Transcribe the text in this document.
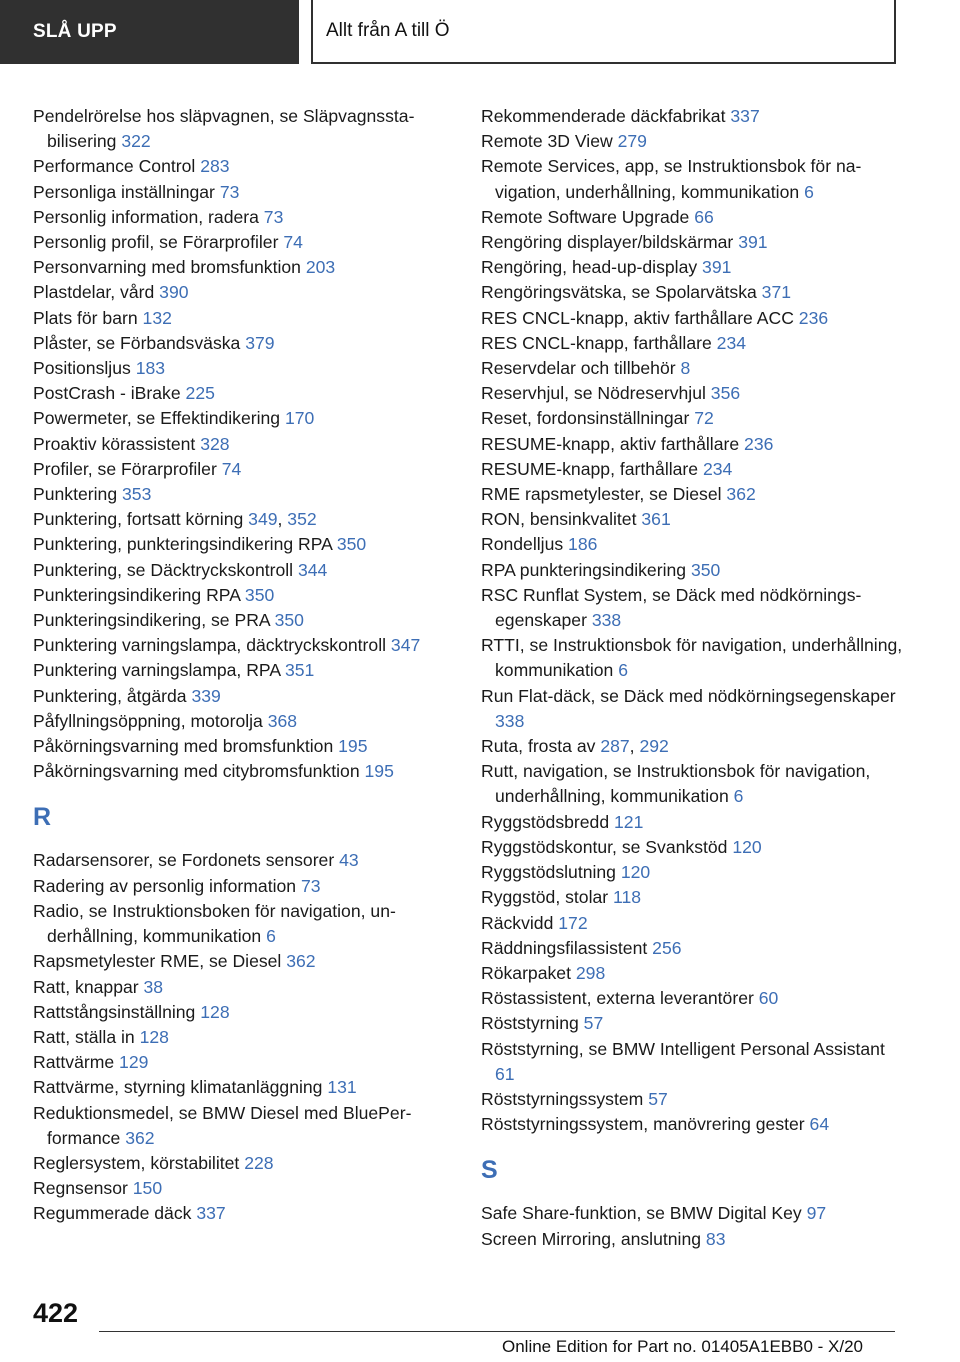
SLÅ UPP	Allt från A till Ö
Pendelrörelse hos släpvagnen, se Släpvagnsstabilisering 322
Performance Control 283
Personliga inställningar 73
Personlig information, radera 73
Personlig profil, se Förarprofiler 74
Personvarning med bromsfunktion 203
Plastdelar, vård 390
Plats för barn 132
Plåster, se Förbandsväska 379
Positionsljus 183
PostCrash - iBrake 225
Powermeter, se Effektindikering 170
Proaktiv körassistent 328
Profiler, se Förarprofiler 74
Punktering 353
Punktering, fortsatt körning 349, 352
Punktering, punkteringsindikering RPA 350
Punktering, se Däcktryckskontroll 344
Punkteringsindikering RPA 350
Punkteringsindikering, se PRA 350
Punktering varningslampa, däcktryckskontroll 347
Punktering varningslampa, RPA 351
Punktering, åtgärda 339
Påfyllningsöppning, motorolja 368
Påkörningsvarning med bromsfunktion 195
Påkörningsvarning med citybromsfunktion 195
R
Radarsensorer, se Fordonets sensorer 43
Radering av personlig information 73
Radio, se Instruktionsboken för navigation, underhållning, kommunikation 6
Rapsmetylester RME, se Diesel 362
Ratt, knappar 38
Rattstångsinställning 128
Ratt, ställa in 128
Rattvärme 129
Rattvärme, styrning klimatanläggning 131
Reduktionsmedel, se BMW Diesel med BluePerformance 362
Reglersystem, körstabilitet 228
Regnsensor 150
Regummerade däck 337
Rekommenderade däckfabrikat 337
Remote 3D View 279
Remote Services, app, se Instruktionsbok för navigation, underhållning, kommunikation 6
Remote Software Upgrade 66
Rengöring displayer/bildskärmar 391
Rengöring, head-up-display 391
Rengöringsvätska, se Spolarvätska 371
RES CNCL-knapp, aktiv farthållare ACC 236
RES CNCL-knapp, farthållare 234
Reservdelar och tillbehör 8
Reservhjul, se Nödreservhjul 356
Reset, fordonsinställningar 72
RESUME-knapp, aktiv farthållare 236
RESUME-knapp, farthållare 234
RME rapsmetylester, se Diesel 362
RON, bensinkvalitet 361
Rondelljus 186
RPA punkteringsindikering 350
RSC Runflat System, se Däck med nödkörningsegenskaper 338
RTTI, se Instruktionsbok för navigation, underhållning, kommunikation 6
Run Flat-däck, se Däck med nödkörningsegenskaper 338
Ruta, frosta av 287, 292
Rutt, navigation, se Instruktionsbok för navigation, underhållning, kommunikation 6
Ryggstödsbredd 121
Ryggstödskontur, se Svankstöd 120
Ryggstödslutning 120
Ryggstöd, stolar 118
Räckvidd 172
Räddningsfilassistent 256
Rökarpaket 298
Röstassistent, externa leverantörer 60
Röststyrning 57
Röststyrning, se BMW Intelligent Personal Assistant 61
Röststyrningssystem 57
Röststyrningssystem, manövrering gester 64
S
Safe Share-funktion, se BMW Digital Key 97
Screen Mirroring, anslutning 83
422
Online Edition for Part no. 01405A1EBB0 - X/20
